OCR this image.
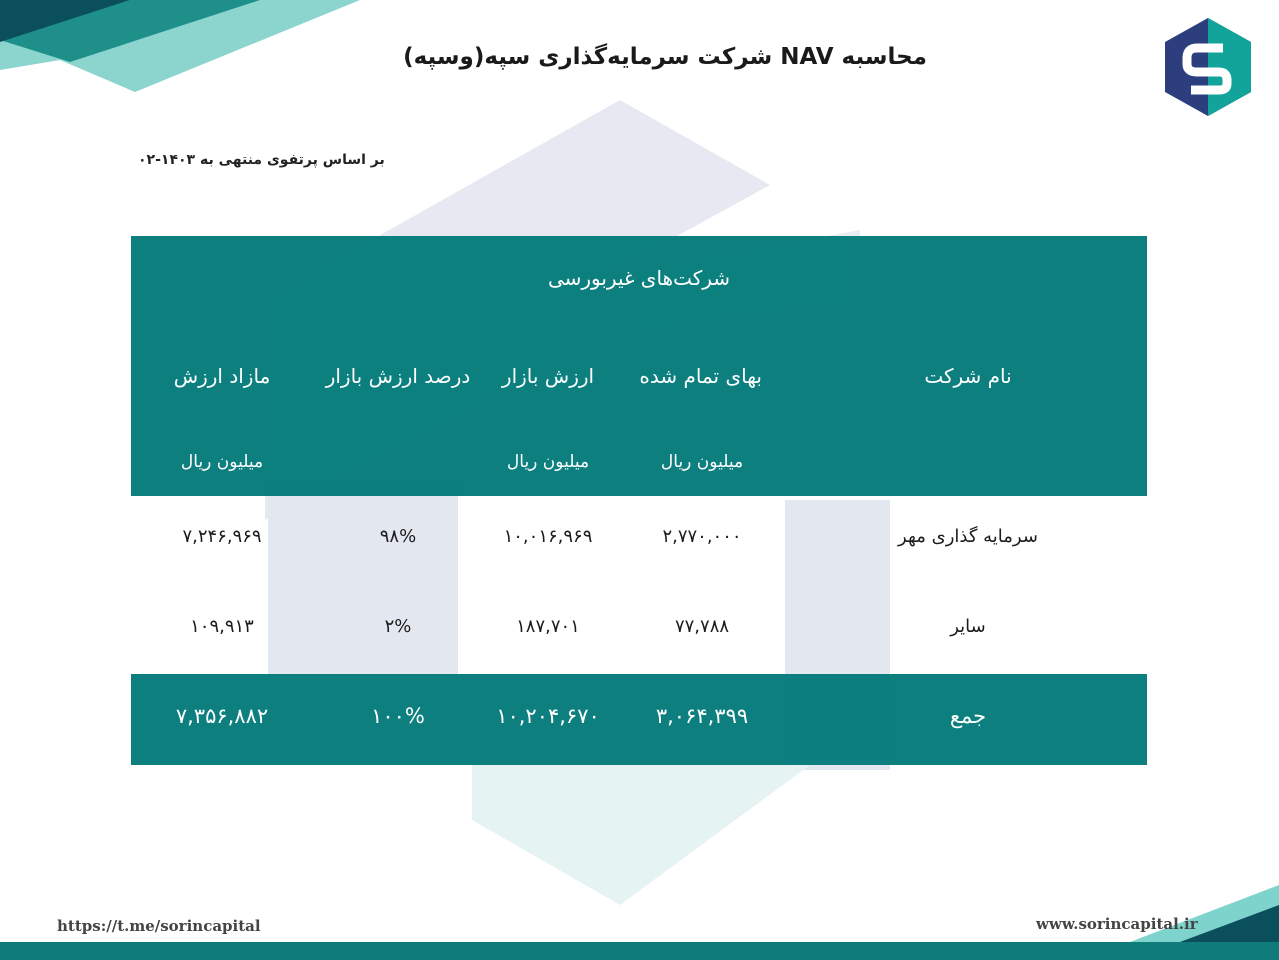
محاسبه NAV شرکت سرمایه‌گذاری سپه(وسپه)
بر اساس پرتفوی منتهی به ۱۴۰۳-۰۲
شرکت‌های غیربورسی
نام شرکت
بهای تمام شده
ارزش بازار
درصد ارزش بازار
مازاد ارزش
میلیون ریال
میلیون ریال
میلیون ریال
سرمایه گذاری مهر
۲,۷۷۰,۰۰۰
۱۰,۰۱۶,۹۶۹
۹۸%
۷,۲۴۶,۹۶۹
سایر
۷۷,۷۸۸
۱۸۷,۷۰۱
۲%
۱۰۹,۹۱۳
جمع
۳,۰۶۴,۳۹۹
۱۰,۲۰۴,۶۷۰
۱۰۰%
۷,۳۵۶,۸۸۲
https://t.me/sorincapital	www.sorincapital.ir
